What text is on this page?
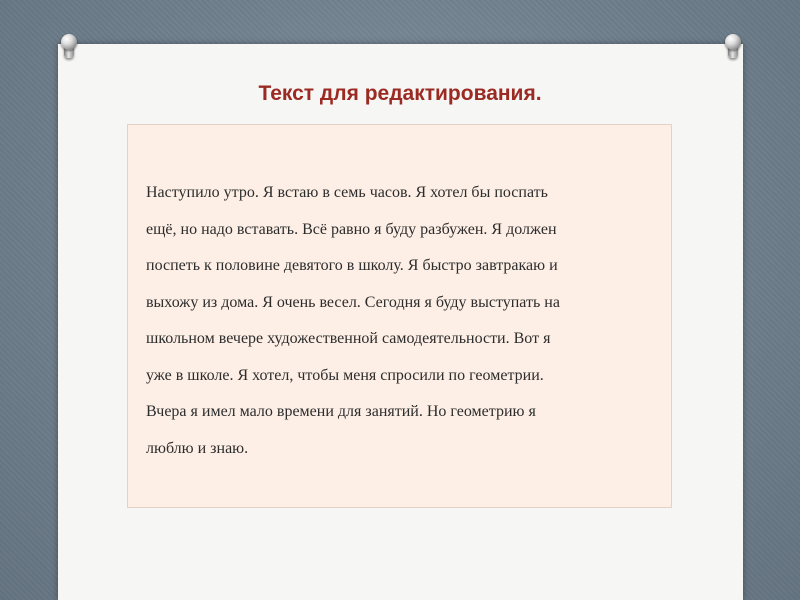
Текст для редактирования.

Наступило утро. Я встаю в семь часов. Я хотел бы поспать
ещё, но надо вставать. Всё равно я буду разбужен. Я должен
поспеть к половине девятого в школу. Я быстро завтракаю и
выхожу из дома. Я очень весел. Сегодня я буду выступать на
школьном вечере художественной самодеятельности. Вот я
уже в школе. Я хотел, чтобы меня спросили по геометрии.
Вчера я имел мало времени для занятий. Но геометрию я
люблю и знаю.
